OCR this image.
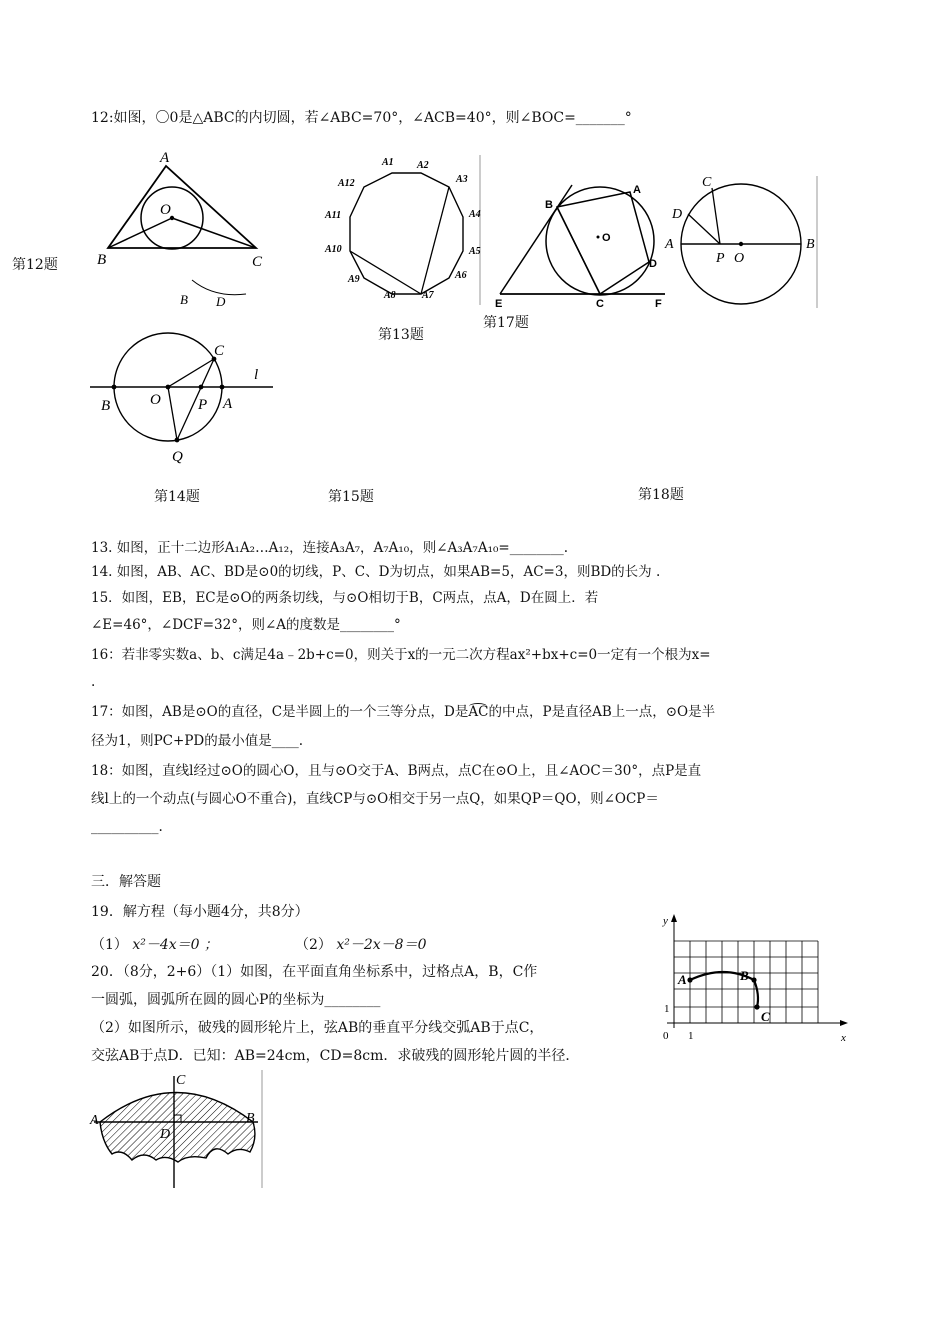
12:如图，〇0是△ABC的内切圆，若∠ABC=70°，∠ACB=40°，则∠BOC=_______°
A
B	C
O
B D
第12题
A1 A2
A3
A4
A5
A6
A7
A8
A9
A10
A11
A12
第13题
B
A
O
D
E	C	F
第17题
C
D
A
P O
B
C
l
B	O P A
Q
第14题	第15题	第18题
13. 如图，正十二边形A₁A₂…A₁₂，连接A₃A₇，A₇A₁₀，则∠A₃A₇A₁₀=________.
14. 如图，AB、AC、BD是⊙0的切线，P、C、D为切点，如果AB=5，AC=3，则BD的长为 .
15．如图，EB，EC是⊙O的两条切线，与⊙O相切于B，C两点，点A，D在圆上．若
∠E=46°，∠DCF=32°，则∠A的度数是________°
16：若非零实数a、b、c满足4a﹣2b+c=0，则关于x的一元二次方程ax²+bx+c=0一定有一个根为x=
.
17：如图，AB是⊙O的直径，C是半圆上的一个三等分点，D是
AC的中点，P是直径AB上一点，⊙O是半
径为1，则PC+PD的最小值是____.
18：如图，直线l经过⊙O的圆心O，且与⊙O交于A、B两点，点C在⊙O上，且∠AOC＝30°，点P是直
线l上的一个动点(与圆心O不重合)，直线CP与⊙O相交于另一点Q，如果QP＝QO，则∠OCP＝
__________.
三．解答题
19．解方程（每小题4分，共8分）
（1） x²－4x＝0 ；	（2） x²－2x－8＝0
20．（8分，2+6）（1）如图，在平面直角坐标系中，过格点A，B，C作
一圆弧，圆弧所在圆的圆心P的坐标为________
（2）如图所示，破残的圆形轮片上，弦AB的垂直平分线交弧AB于点C，
交弦AB于点D．已知：AB=24cm，CD=8cm．求破残的圆形轮片圆的半径．
y
x
A	B
C
1
1
0
C
A	B
D
